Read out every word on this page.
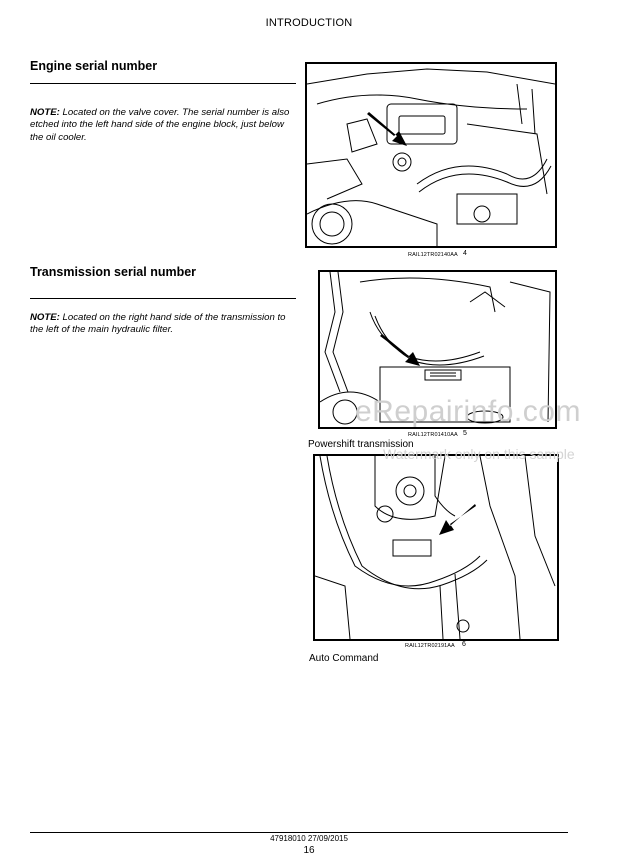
INTRODUCTION
Engine serial number
NOTE: Located on the valve cover. The serial number is also etched into the left hand side of the engine block, just below the oil cooler.
RAIL12TR02140AA 4
Transmission serial number
NOTE: Located on the right hand side of the transmission to the left of the main hydraulic filter.
RAIL12TR01410AA 5
Powershift transmission
RAIL12TR02191AA 6
Auto Command
eRepairinfo.com
Watermark only on this sample
47918010 27/09/2015
16
